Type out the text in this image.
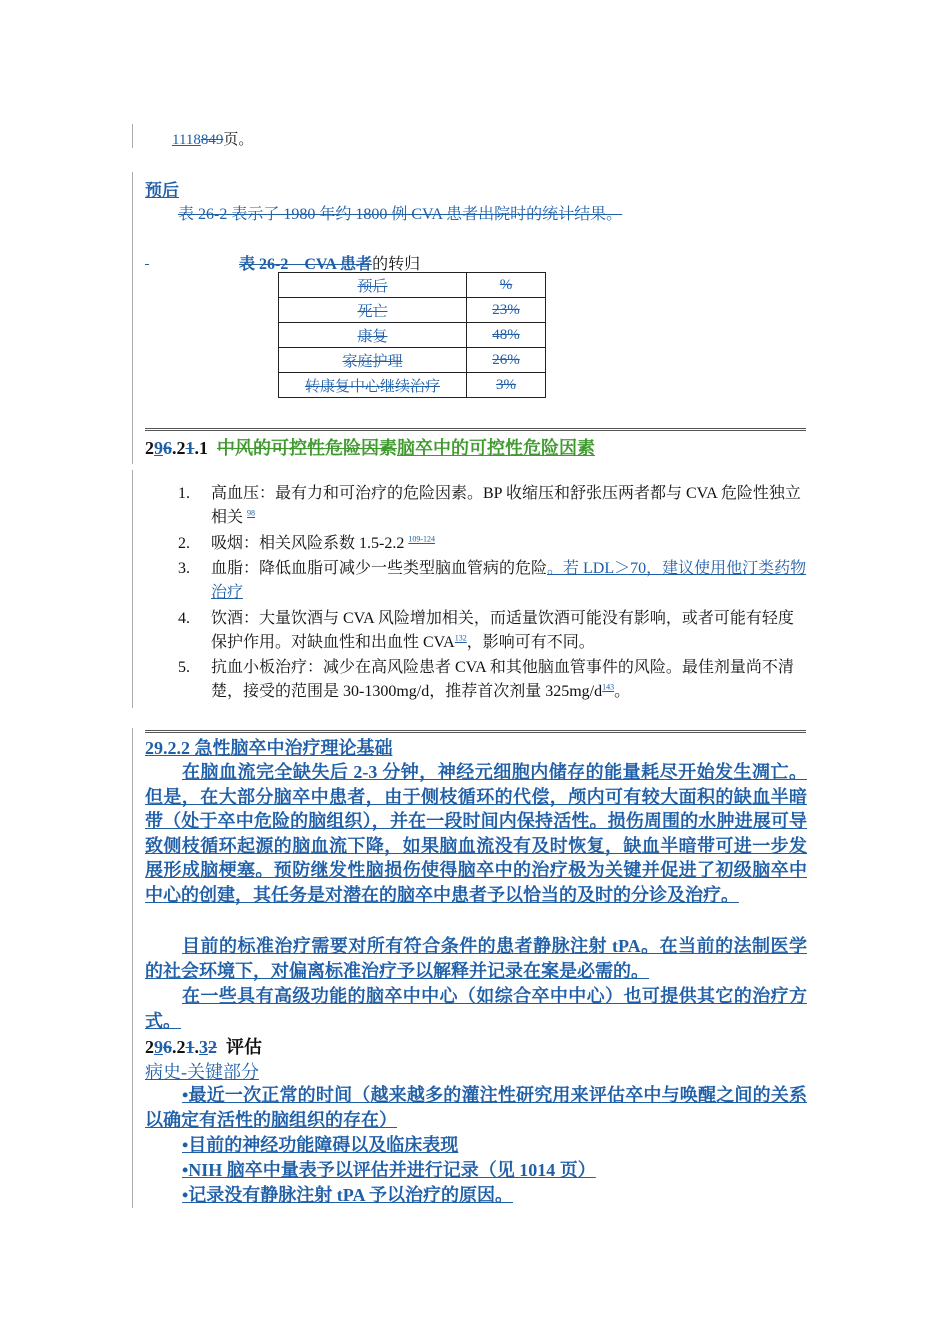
1118849页。
预后
表 26-2 表示了 1980 年约 1800 例 CVA 患者出院时的统计结果。
表 26-2　CVA 患者的转归
预后	%
死亡	23%
康复	48%
家庭护理	26%
转康复中心继续治疗	3%
296.21.1 中风的可控性危险因素脑卒中的可控性危险因素
1. 高血压：最有力和可治疗的危险因素。BP 收缩压和舒张压两者都与 CVA 危险性独立相关 $^{98}$
2. 吸烟：相关风险系数 1.5-2.2 $^{109-124}$
3. 血脂：降低血脂可减少一些类型脑血管病的危险。若 LDL＞70，建议使用他汀类药物治疗
4. 饮酒：大量饮酒与 CVA 风险增加相关，而适量饮酒可能没有影响，或者可能有轻度保护作用。对缺血性和出血性 CVA$^{132}$，影响可有不同。
5. 抗血小板治疗：减少在高风险患者 CVA 和其他脑血管事件的风险。最佳剂量尚不清楚，接受的范围是 30-1300mg/d，推荐首次剂量 $325mg/d^{143}$。
29.2.2 急性脑卒中治疗理论基础
在脑血流完全缺失后 2-3 分钟，神经元细胞内储存的能量耗尽开始发生凋亡。但是，在大部分脑卒中患者，由于侧枝循环的代偿，颅内可有较大面积的缺血半暗带（处于卒中危险的脑组织），并在一段时间内保持活性。损伤周围的水肿进展可导致侧枝循环起源的脑血流下降，如果脑血流没有及时恢复，缺血半暗带可进一步发展形成脑梗塞。预防继发性脑损伤使得脑卒中的治疗极为关键并促进了初级脑卒中中心的创建，其任务是对潜在的脑卒中患者予以恰当的及时的分诊及治疗。
目前的标准治疗需要对所有符合条件的患者静脉注射 tPA。在当前的法制医学的社会环境下，对偏离标准治疗予以解释并记录在案是必需的。
在一些具有高级功能的脑卒中中心（如综合卒中中心）也可提供其它的治疗方式。
296.21.32 评估
病史-关键部分
•最近一次正常的时间（越来越多的灌注性研究用来评估卒中与唤醒之间的关系以确定有活性的脑组织的存在）
•目前的神经功能障碍以及临床表现
•NIH 脑卒中量表予以评估并进行记录（见 1014 页）
•记录没有静脉注射 tPA 予以治疗的原因。
